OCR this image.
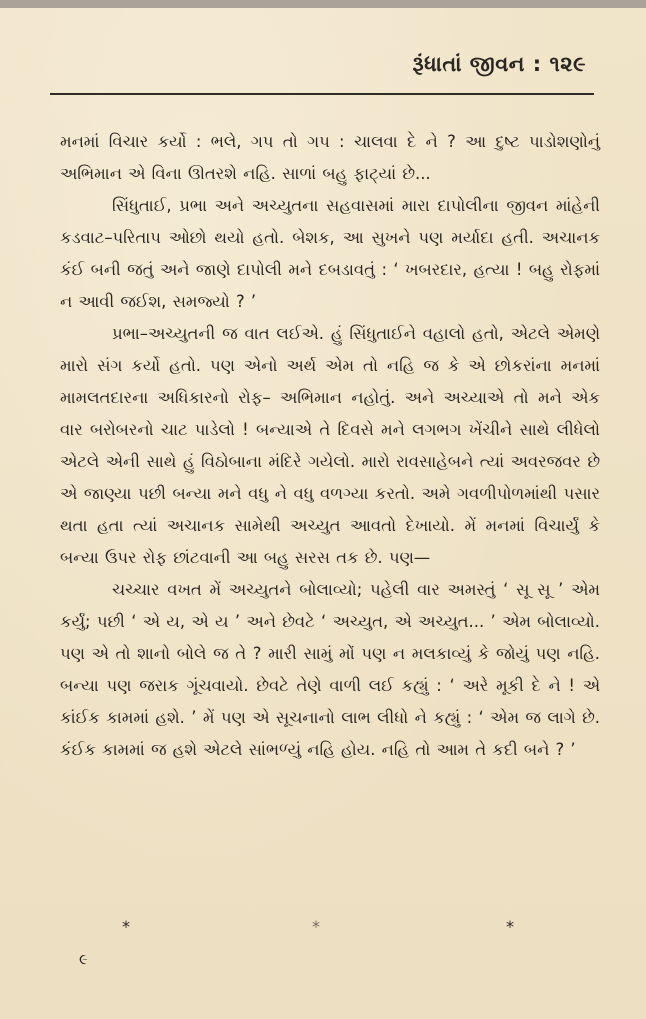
રૂંધાતાં જીવન : ૧૨૯

મનમાં વિચાર કર્યો : ભલે, ગપ તો ગપ : ચાલવા દે ને ? આ દુષ્ટ પાડોશણોનું અભિમાન એ વિના ઊતરશે નહિ. સાળાં બહુ ફાટ્યાં છે...

સિંધુતાઈ, પ્રભા અને અચ્યુતના સહવાસમાં મારા દાપોલીના જીવન માંહેની કડવાટ–પરિતાપ ઓછો થયો હતો. બેશક, આ સુખને પણ મર્યાદા હતી. અચાનક કંઈ બની જતું અને જાણે દાપોલી મને દબડાવતું : ‘ ખબરદાર, હત્યા ! બહુ રોફમાં ન આવી જઈશ, સમજ્યો ? ’

પ્રભા–અચ્યુતની જ વાત લઈએ. હું સિંધુતાઈને વહાલો હતો, એટલે એમણે મારો સંગ કર્યો હતો. પણ એનો અર્થ એમ તો નહિ જ કે એ છોકરાંના મનમાં મામલતદારના અધિકારનો રોફ– અભિમાન નહોતું. અને અચ્યાએ તો મને એક વાર બરોબરનો ચાટ પાડેલો ! બન્યાએ તે દિવસે મને લગભગ ખેંચીને સાથે લીધેલો એટલે એની સાથે હું વિઠોબાના મંદિરે ગયેલો. મારો રાવસાહેબને ત્યાં અવરજવર છે એ જાણ્યા પછી બન્યા મને વધુ ને વધુ વળગ્યા કરતો. અમે ગવળીપોળમાંથી પસાર થતા હતા ત્યાં અચાનક સામેથી અચ્યુત આવતો દેખાયો. મેં મનમાં વિચાર્યું કે બન્યા ઉપર રોફ છાંટવાની આ બહુ સરસ તક છે. પણ—

ચચ્ચાર વખત મેં અચ્યુતને બોલાવ્યો; પહેલી વાર અમસ્તું ‘ સૂ સૂ ’ એમ કર્યું; પછી ‘ એ ય, એ ય ’ અને છેવટે ‘ અચ્યુત, એ અચ્યુત... ’ એમ બોલાવ્યો. પણ એ તો શાનો બોલે જ તે ? મારી સામું મોં પણ ન મલકાવ્યું કે જોયું પણ નહિ. બન્યા પણ જરાક ગૂંચવાયો. છેવટે તેણે વાળી લઈ કહ્યું : ‘ અરે મૂકી દે ને ! એ કાંઈક કામમાં હશે. ’ મેં પણ એ સૂચનાનો લાભ લીધો ને કહ્યું : ‘ એમ જ લાગે છે. કંઈક કામમાં જ હશે એટલે સાંભળ્યું નહિ હોય. નહિ તો આમ તે કદી બને ? ’

*	*	*
૯
